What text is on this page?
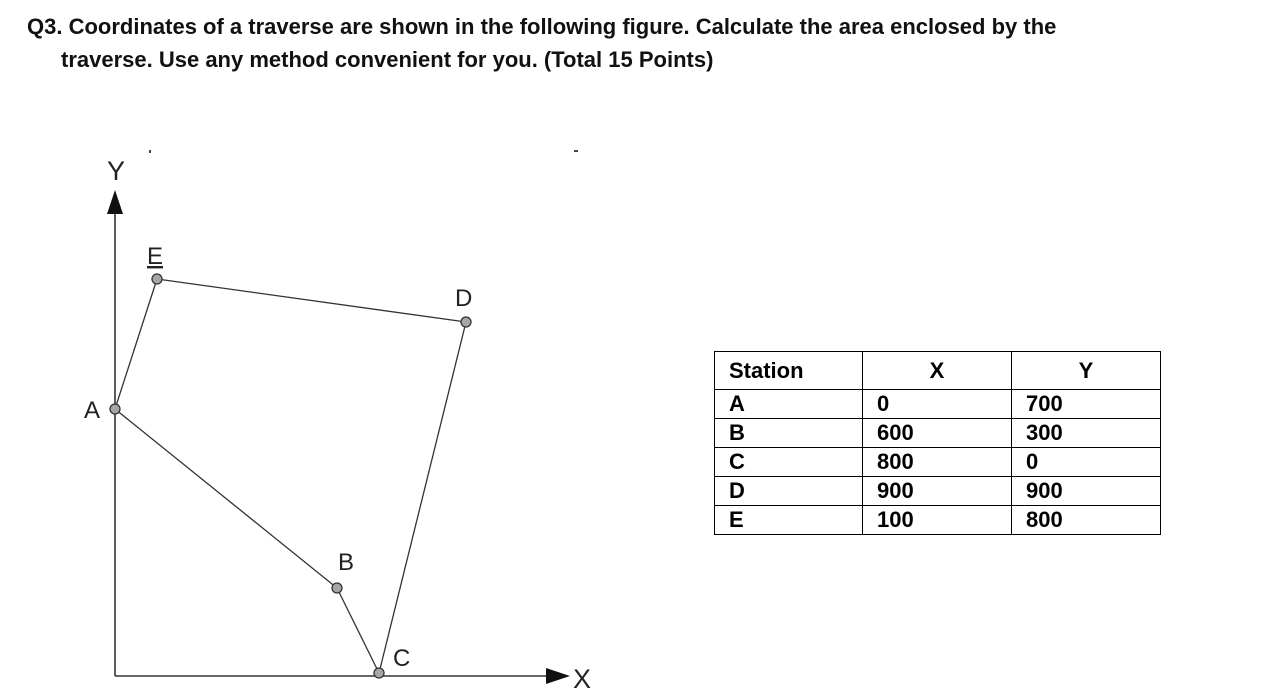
Q3. Coordinates of a traverse are shown in the following figure. Calculate the area enclosed by the
traverse. Use any method convenient for you. (Total 15 Points)

Y
X
A
B
C
D
E
Station	X	Y
A	0	700
B	600	300
C	800	0
D	900	900
E	100	800
